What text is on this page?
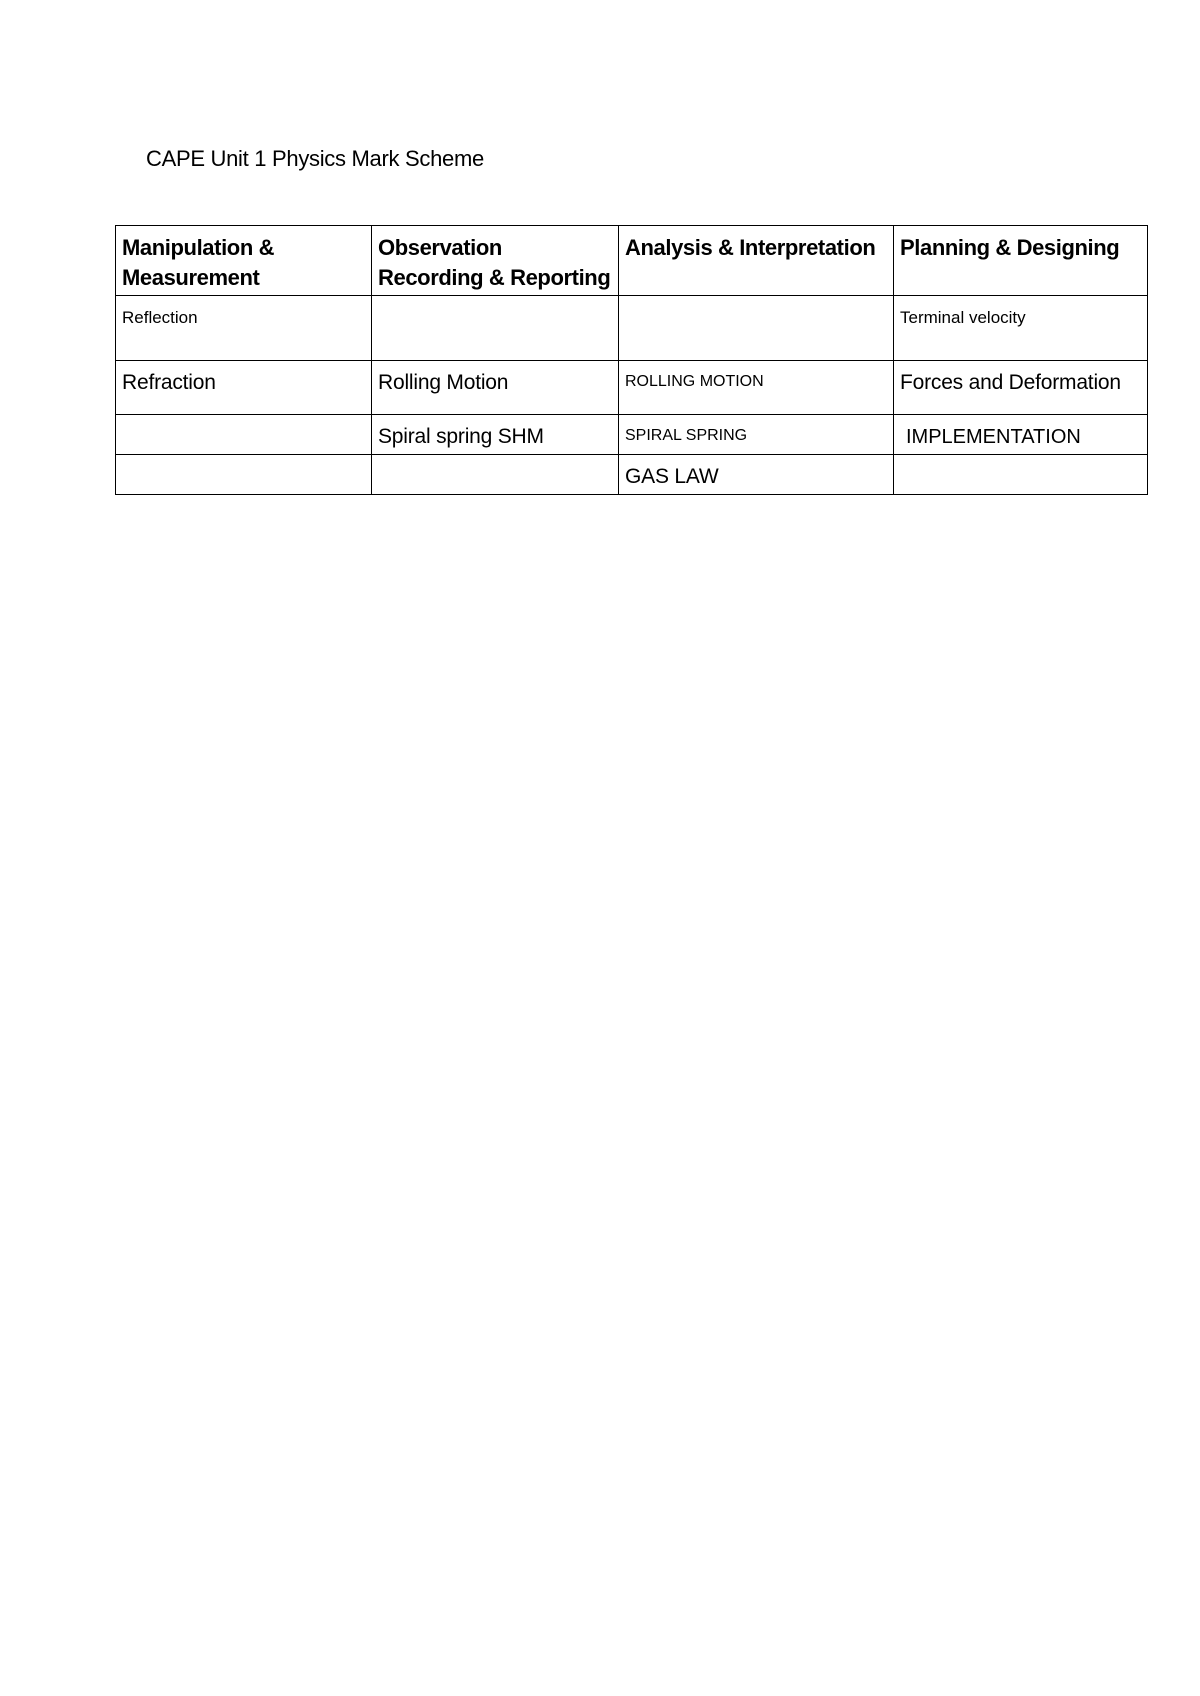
CAPE Unit 1 Physics Mark Scheme
Manipulation & Measurement	Observation Recording & Reporting	Analysis & Interpretation	Planning & Designing

Reflection			Terminal velocity

Refraction	Rolling Motion	ROLLING MOTION	Forces and Deformation

	Spiral spring SHM	SPIRAL SPRING	IMPLEMENTATION

		GAS LAW	
